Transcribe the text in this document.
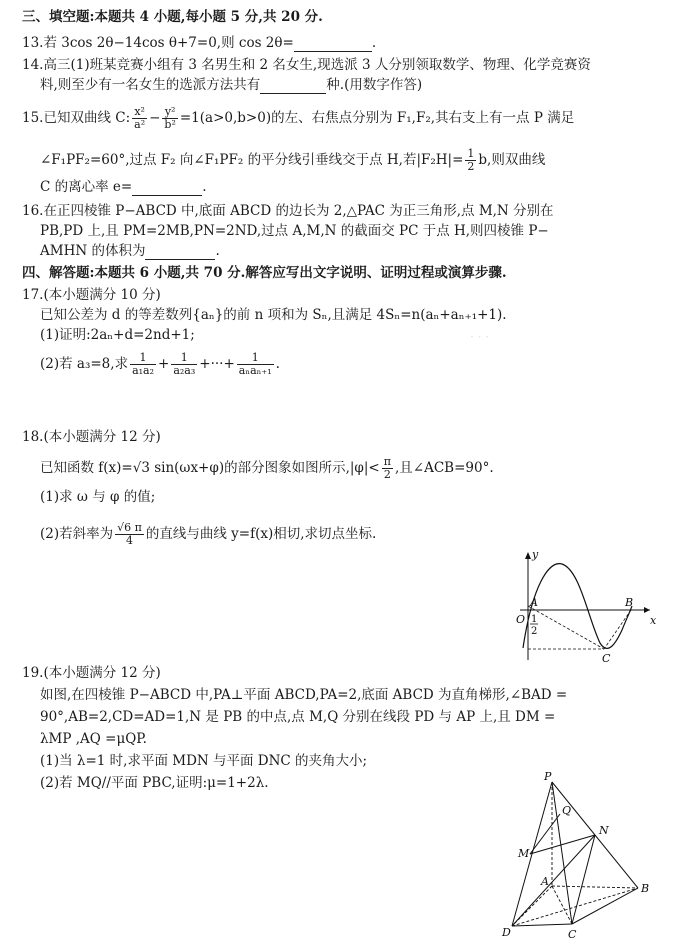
· · ·
三、填空题:本题共 4 小题,每小题 5 分,共 20 分.
13.若 3cos 2θ−14cos θ+7=0,则 cos 2θ=	.
14.高三(1)班某竞赛小组有 3 名男生和 2 名女生,现选派 3 人分别领取数学、物理、化学竞赛资
料,则至少有一名女生的选派方法共有	种.(用数字作答)
15.已知双曲线 C: $\frac{\text{x²}}{\text{a²}} - \frac{\text{y²}}{\text{b²}} =1(a>0,b>0)$的左、右焦点分别为 F₁,F₂,其右支上有一点 P 满足
∠F₁PF₂=60°,过点 F₂ 向∠F₁PF₂ 的平分线引垂线交于点 H,若$|F_2H|= \frac{1}{2} b$,则双曲线
C 的离心率 e=	.
16.在正四棱锥 P−ABCD 中,底面 ABCD 的边长为 2,△PAC 为正三角形,点 M,N 分别在
PB,PD 上,且 PM=2MB,PN=2ND,过点 A,M,N 的截面交 PC 于点 H,则四棱锥 P−
AMHN 的体积为	.
四、解答题:本题共 6 小题,共 70 分.解答应写出文字说明、证明过程或演算步骤.
17.(本小题满分 10 分)
已知公差为 d 的等差数列{aₙ}的前 n 项和为 Sₙ,且满足 4Sₙ=n(aₙ+aₙ₊₁+1).
(1)证明:2aₙ+d=2nd+1;
(2)若 a₃=8,求 $\frac{1}{\text{a₁a₂}} + \frac{1}{\text{a₂a₃}}$ +···+ $\frac{1}{\text{aₙaₙ₊₁}}$ .
18.(本小题满分 12 分)
已知函数 f(x)=√3 sin(ωx+φ)的部分图象如图所示$,|\varphi|< \frac{\pi}{2}$ ,且∠ACB=90°.
(1)求 ω 与 φ 的值;
(2)若斜率为 $\frac{√6 \pi}{4}$ 的直线与曲线 y=f(x)相切,求切点坐标.
y
x
O
A	B
C
1
2
19.(本小题满分 12 分)
如图,在四棱锥 P−ABCD 中,PA⊥平面 ABCD,PA=2,底面 ABCD 为直角梯形,∠BAD =
90°,AB=2,CD=AD=1,N 是 PB 的中点,点 M,Q 分别在线段 PD 与 AP 上,且 DM =
λMP ,AQ =μQP.
(1)当 λ=1 时,求平面 MDN 与平面 DNC 的夹角大小;
(2)若 MQ//平面 PBC,证明:μ=1+2λ.	P
Q
N
M
A
B
D	C
